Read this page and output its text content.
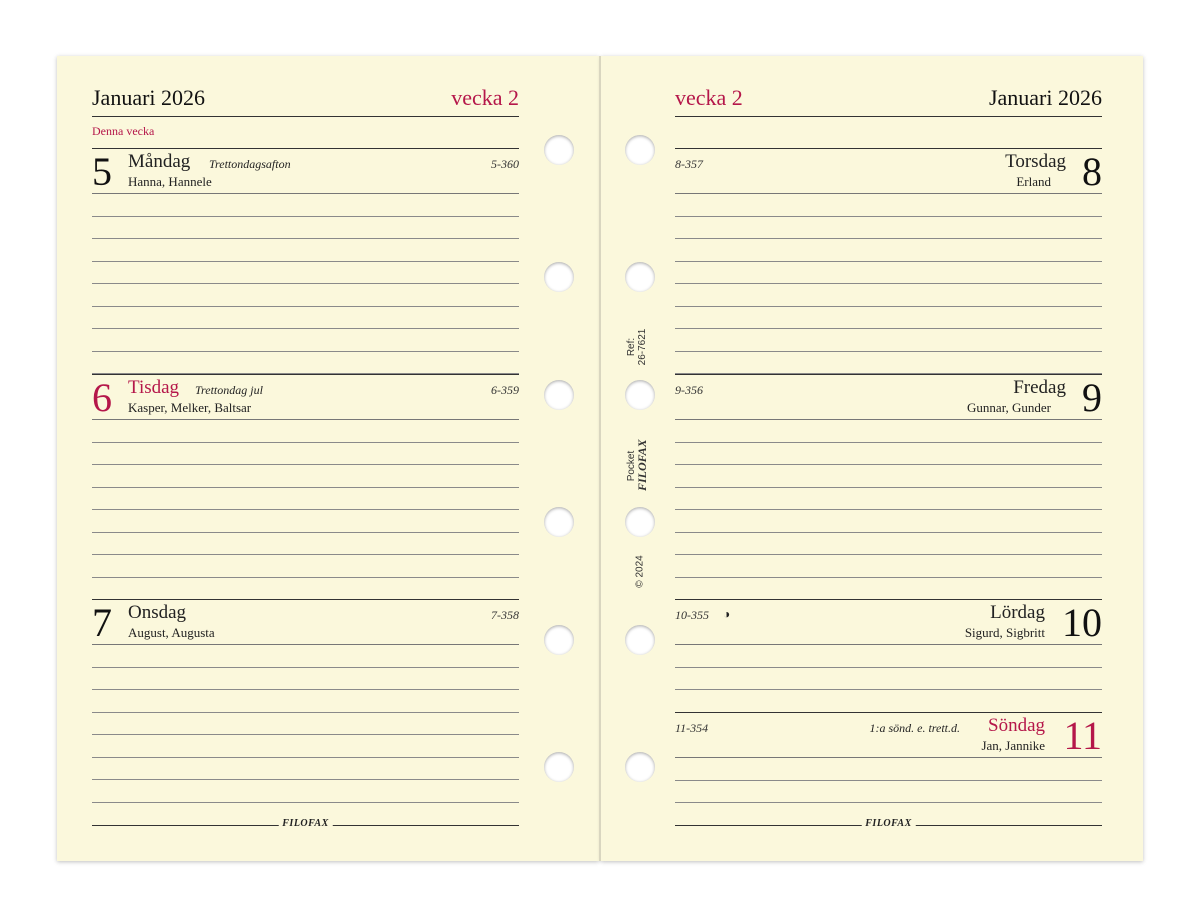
Ref: 26-7621
Pocket
FILOFAX
© 2024
Januari 2026	vecka 2
Denna vecka
5 Måndag Trettondagsafton
Hanna, Hannele
5-360
6 Tisdag Trettondag jul
Kasper, Melker, Baltsar
6-359
7 Onsdag
August, Augusta
7-358
FILOFAX
vecka 2	Januari 2026
8-357	Torsdag
Erland 8
9-356	Fredag
Gunnar, Gunder 9
10-355 ◑	Lördag
Sigurd, Sigbritt 10
11-354	1:a sönd. e. trett.d. Söndag
Jan, Jannike 11
FILOFAX
